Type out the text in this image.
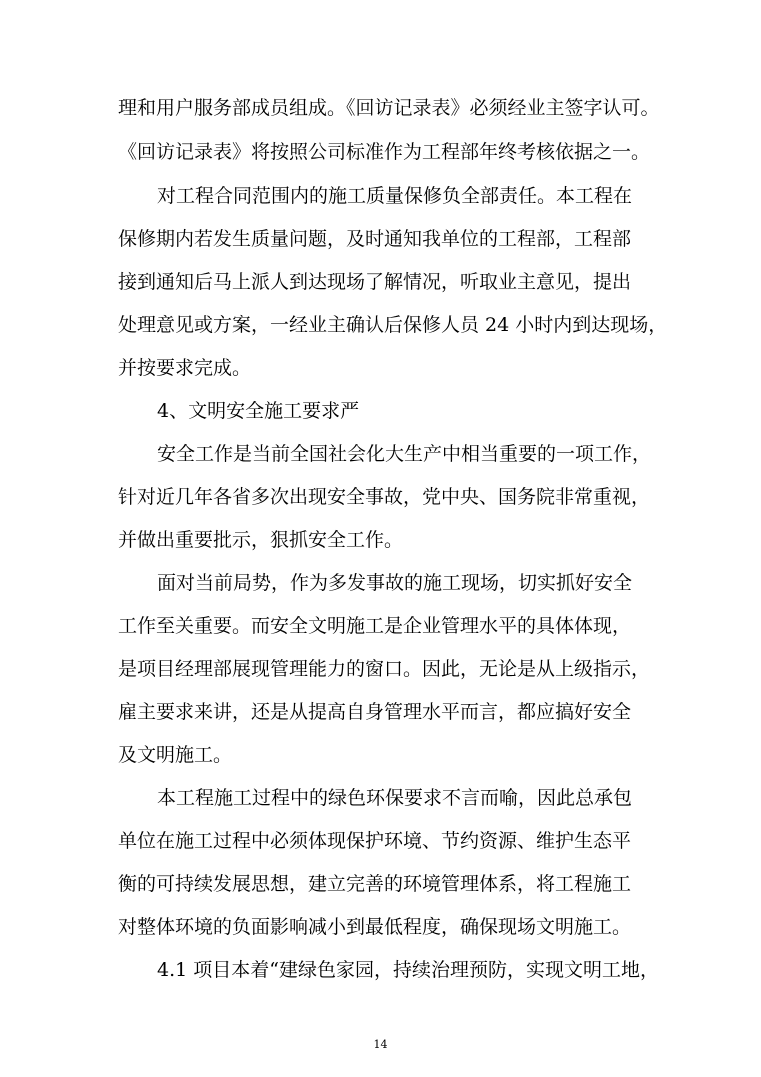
理和用户服务部成员组成。《回访记录表》必须经业主签字认可。
《回访记录表》将按照公司标准作为工程部年终考核依据之一。
对工程合同范围内的施工质量保修负全部责任。本工程在
保修期内若发生质量问题，及时通知我单位的工程部，工程部
接到通知后马上派人到达现场了解情况，听取业主意见，提出
处理意见或方案，一经业主确认后保修人员 24 小时内到达现场，
并按要求完成。
4、文明安全施工要求严
安全工作是当前全国社会化大生产中相当重要的一项工作，
针对近几年各省多次出现安全事故，党中央、国务院非常重视，
并做出重要批示，狠抓安全工作。
面对当前局势，作为多发事故的施工现场，切实抓好安全
工作至关重要。而安全文明施工是企业管理水平的具体体现，
是项目经理部展现管理能力的窗口。因此，无论是从上级指示，
雇主要求来讲，还是从提高自身管理水平而言，都应搞好安全
及文明施工。
本工程施工过程中的绿色环保要求不言而喻，因此总承包
单位在施工过程中必须体现保护环境、节约资源、维护生态平
衡的可持续发展思想，建立完善的环境管理体系，将工程施工
对整体环境的负面影响减小到最低程度，确保现场文明施工。
4.1 项目本着“建绿色家园，持续治理预防，实现文明工地，
14
